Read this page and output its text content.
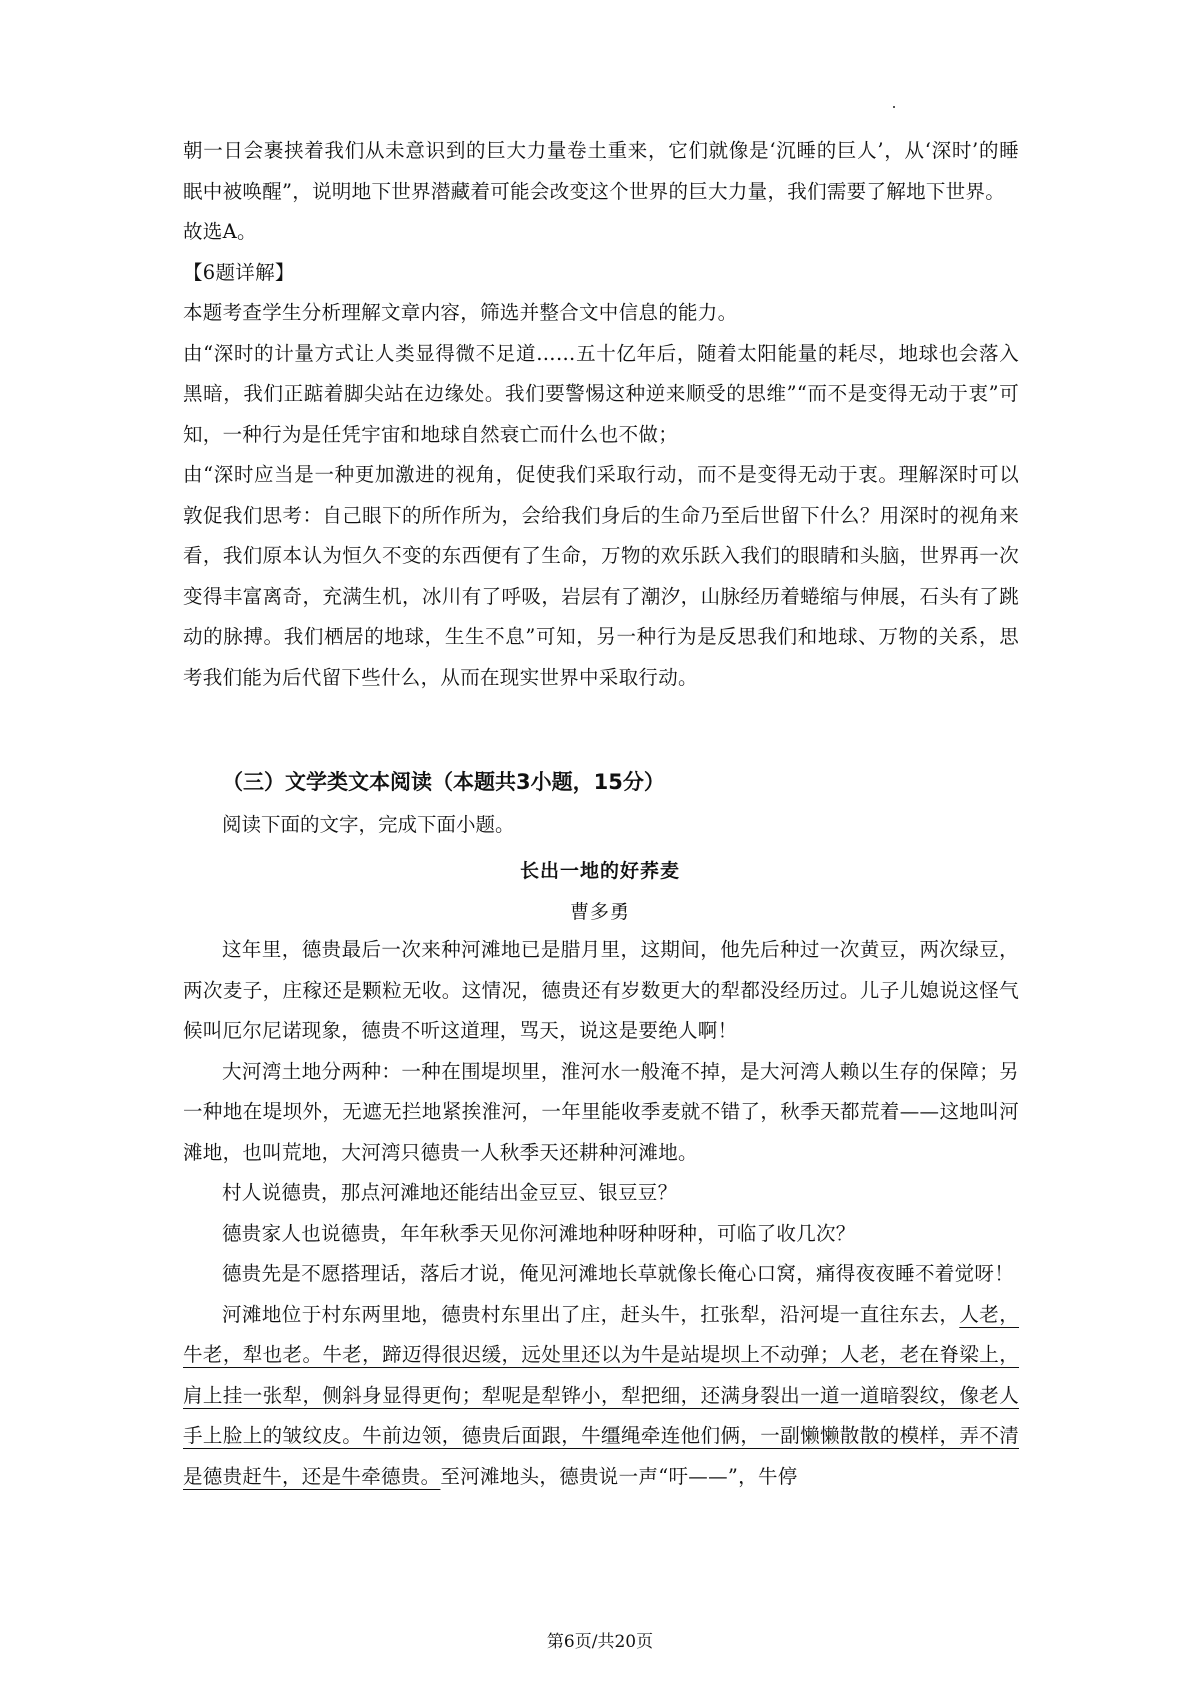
朝一日会裹挟着我们从未意识到的巨大力量卷土重来，它们就像是‘沉睡的巨人’，从‘深时’的睡眠中被唤醒”，说明地下世界潜藏着可能会改变这个世界的巨大力量，我们需要了解地下世界。

故选A。

【6题详解】

本题考查学生分析理解文章内容，筛选并整合文中信息的能力。

由“深时的计量方式让人类显得微不足道……五十亿年后，随着太阳能量的耗尽，地球也会落入黑暗，我们正踮着脚尖站在边缘处。我们要警惕这种逆来顺受的思维”“而不是变得无动于衷”可知，一种行为是任凭宇宙和地球自然衰亡而什么也不做；

由“深时应当是一种更加激进的视角，促使我们采取行动，而不是变得无动于衷。理解深时可以敦促我们思考：自己眼下的所作所为，会给我们身后的生命乃至后世留下什么？用深时的视角来看，我们原本认为恒久不变的东西便有了生命，万物的欢乐跃入我们的眼睛和头脑，世界再一次变得丰富离奇，充满生机，冰川有了呼吸，岩层有了潮汐，山脉经历着蜷缩与伸展，石头有了跳动的脉搏。我们栖居的地球，生生不息”可知，另一种行为是反思我们和地球、万物的关系，思考我们能为后代留下些什么，从而在现实世界中采取行动。

（三）文学类文本阅读（本题共3小题，15分）

阅读下面的文字，完成下面小题。

长出一地的好荞麦

曹多勇

这年里，德贵最后一次来种河滩地已是腊月里，这期间，他先后种过一次黄豆，两次绿豆，两次麦子，庄稼还是颗粒无收。这情况，德贵还有岁数更大的犁都没经历过。儿子儿媳说这怪气候叫厄尔尼诺现象，德贵不听这道理，骂天，说这是要绝人啊！

大河湾土地分两种：一种在围堤坝里，淮河水一般淹不掉，是大河湾人赖以生存的保障；另一种地在堤坝外，无遮无拦地紧挨淮河，一年里能收季麦就不错了，秋季天都荒着——这地叫河滩地，也叫荒地，大河湾只德贵一人秋季天还耕种河滩地。

村人说德贵，那点河滩地还能结出金豆豆、银豆豆？

德贵家人也说德贵，年年秋季天见你河滩地种呀种呀种，可临了收几次？

德贵先是不愿搭理话，落后才说，俺见河滩地长草就像长俺心口窝，痛得夜夜睡不着觉呀！

河滩地位于村东两里地，德贵村东里出了庄，赶头牛，扛张犁，沿河堤一直往东去，人老，牛老，犁也老。牛老，蹄迈得很迟缓，远处里还以为牛是站堤坝上不动弹；人老，老在脊梁上，肩上挂一张犁，侧斜身显得更佝；犁呢是犁铧小，犁把细，还满身裂出一道一道暗裂纹，像老人手上脸上的皱纹皮。牛前边领，德贵后面跟，牛缰绳牵连他们俩，一副懒懒散散的模样，弄不清是德贵赶牛，还是牛牵德贵。至河滩地头，德贵说一声“吁——”，牛停

第6页/共20页
